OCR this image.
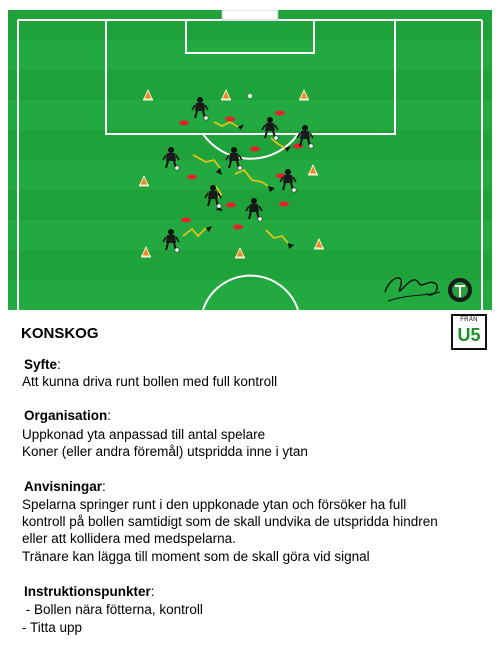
KONSKOG
FRÅN
U5
Syfte:
Att kunna driva runt bollen med full kontroll
Organisation:
Uppkonad yta anpassad till antal spelare
Koner (eller andra föremål) utspridda inne i ytan
Anvisningar:
Spelarna springer runt i den uppkonade ytan och försöker ha full
kontroll på bollen samtidigt som de skall undvika de utspridda hindren
eller att kollidera med medspelarna.
Tränare kan lägga till moment som de skall göra vid signal
Instruktionspunkter:
- Bollen nära fötterna, kontroll
- Titta upp
